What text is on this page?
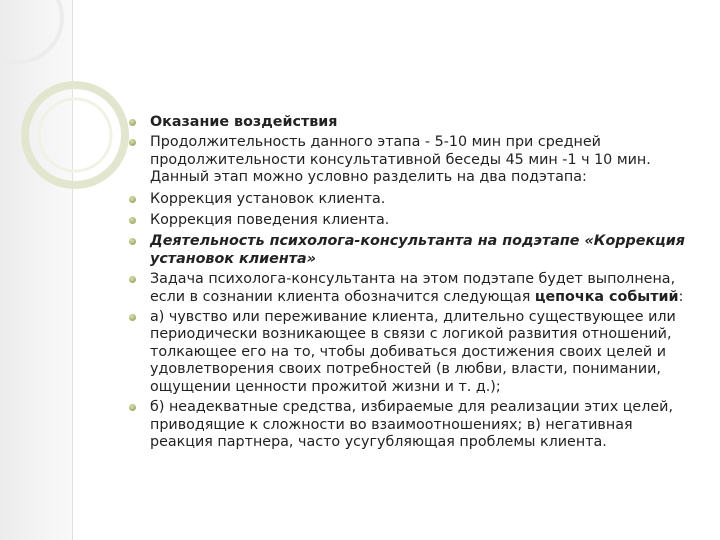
Оказание воздействия
Продолжительность данного этапа - 5-10 мин при средней продолжительности консультативной беседы 45 мин -1 ч 10 мин. Данный этап можно условно разделить на два подэтапа:
Коррекция установок клиента.
Коррекция поведения клиента.
Деятельность психолога-консультанта на подэтапе «Коррекция установок клиента»
Задача психолога-консультанта на этом подэтапе будет выполнена, если в сознании клиента обозначится следующая цепочка событий:
а) чувство или переживание клиента, длительно существующее или периодически возникающее в связи с логикой развития отношений, толкающее его на то, чтобы добиваться достижения своих целей и удовлетворения своих потребностей (в любви, власти, понимании, ощущении ценности прожитой жизни и т. д.);
б) неадекватные средства, избираемые для реализации этих целей, приводящие к сложности во взаимоотношениях; в) негативная реакция партнера, часто усугубляющая проблемы клиента.
